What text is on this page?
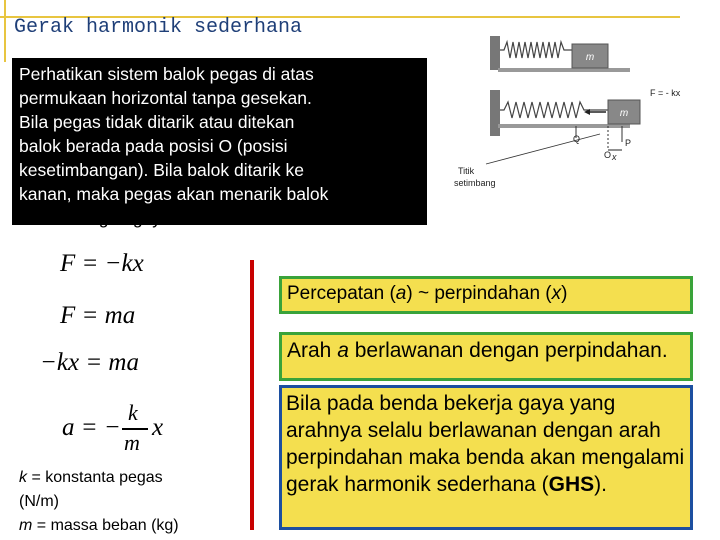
Gerak harmonik sederhana
Perhatikan sistem balok pegas di atas
permukaan horizontal tanpa gesekan.
Bila pegas tidak ditarik atau ditekan
balok berada pada posisi O (posisi
kesetimbangan). Bila balok ditarik ke
kanan, maka pegas akan menarik balok
ke kiri dengan gaya:
m
m
F = - kx
Q	P
O x
Titik
setimbang
F = −kx
F = ma
−kx = ma
a = −
k
m
x
k = konstanta pegas
(N/m)
m = massa beban (kg)
Percepatan (a) ~ perpindahan (x)
Arah a berlawanan dengan perpindahan.
Bila pada benda bekerja gaya yang arahnya selalu berlawanan dengan arah perpindahan maka benda akan mengalami gerak harmonik sederhana (GHS).
